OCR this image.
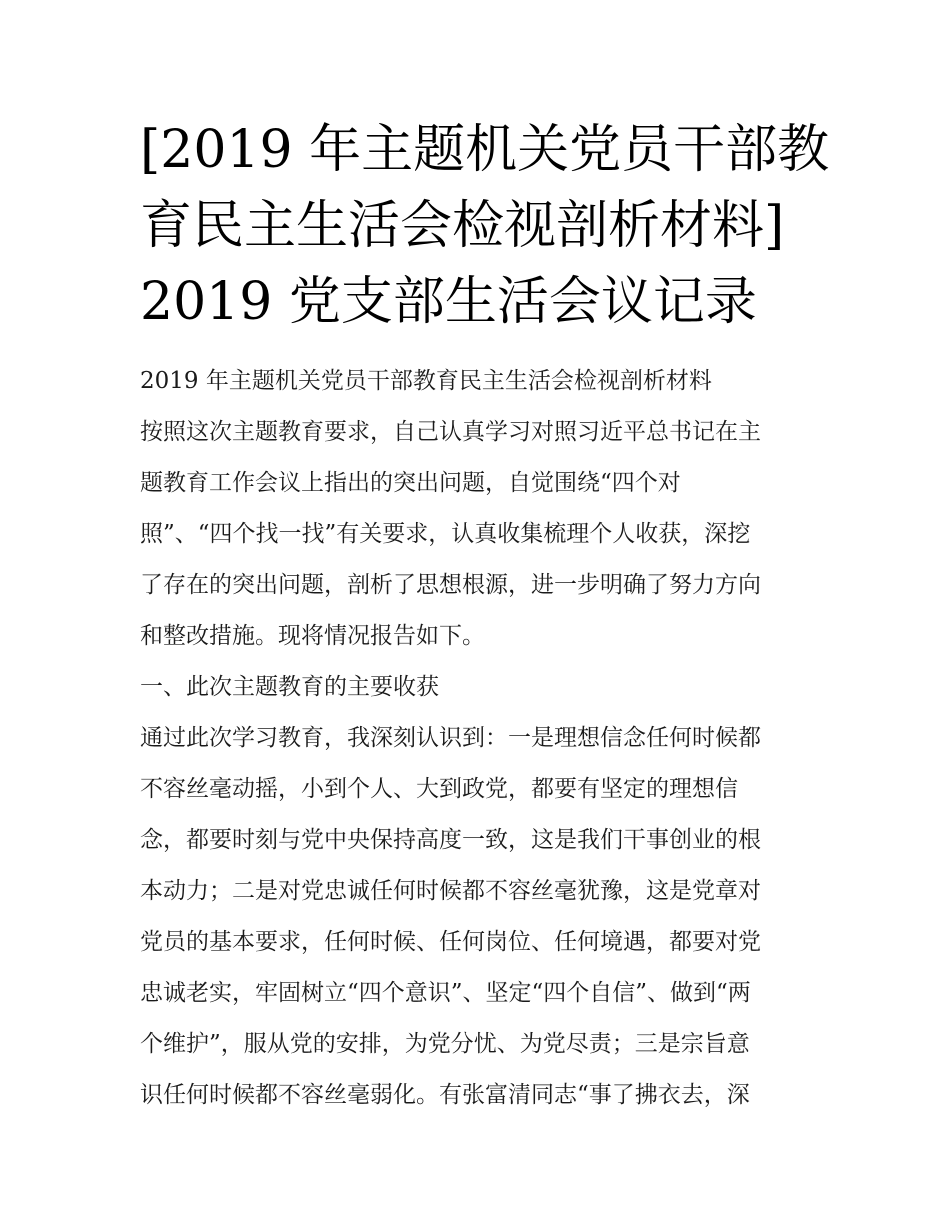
[2019 年主题机关党员干部教
育民主生活会检视剖析材料]
2019 党支部生活会议记录
2019 年主题机关党员干部教育民主生活会检视剖析材料
按照这次主题教育要求，自己认真学习对照习近平总书记在主
题教育工作会议上指出的突出问题，自觉围绕“四个对
照”、“四个找一找”有关要求，认真收集梳理个人收获，深挖
了存在的突出问题，剖析了思想根源，进一步明确了努力方向
和整改措施。现将情况报告如下。
一、此次主题教育的主要收获
通过此次学习教育，我深刻认识到：一是理想信念任何时候都
不容丝毫动摇，小到个人、大到政党，都要有坚定的理想信
念，都要时刻与党中央保持高度一致，这是我们干事创业的根
本动力；二是对党忠诚任何时候都不容丝毫犹豫，这是党章对
党员的基本要求，任何时候、任何岗位、任何境遇，都要对党
忠诚老实，牢固树立“四个意识”、坚定“四个自信”、做到“两
个维护”，服从党的安排，为党分忧、为党尽责；三是宗旨意
识任何时候都不容丝毫弱化。有张富清同志“事了拂衣去，深
